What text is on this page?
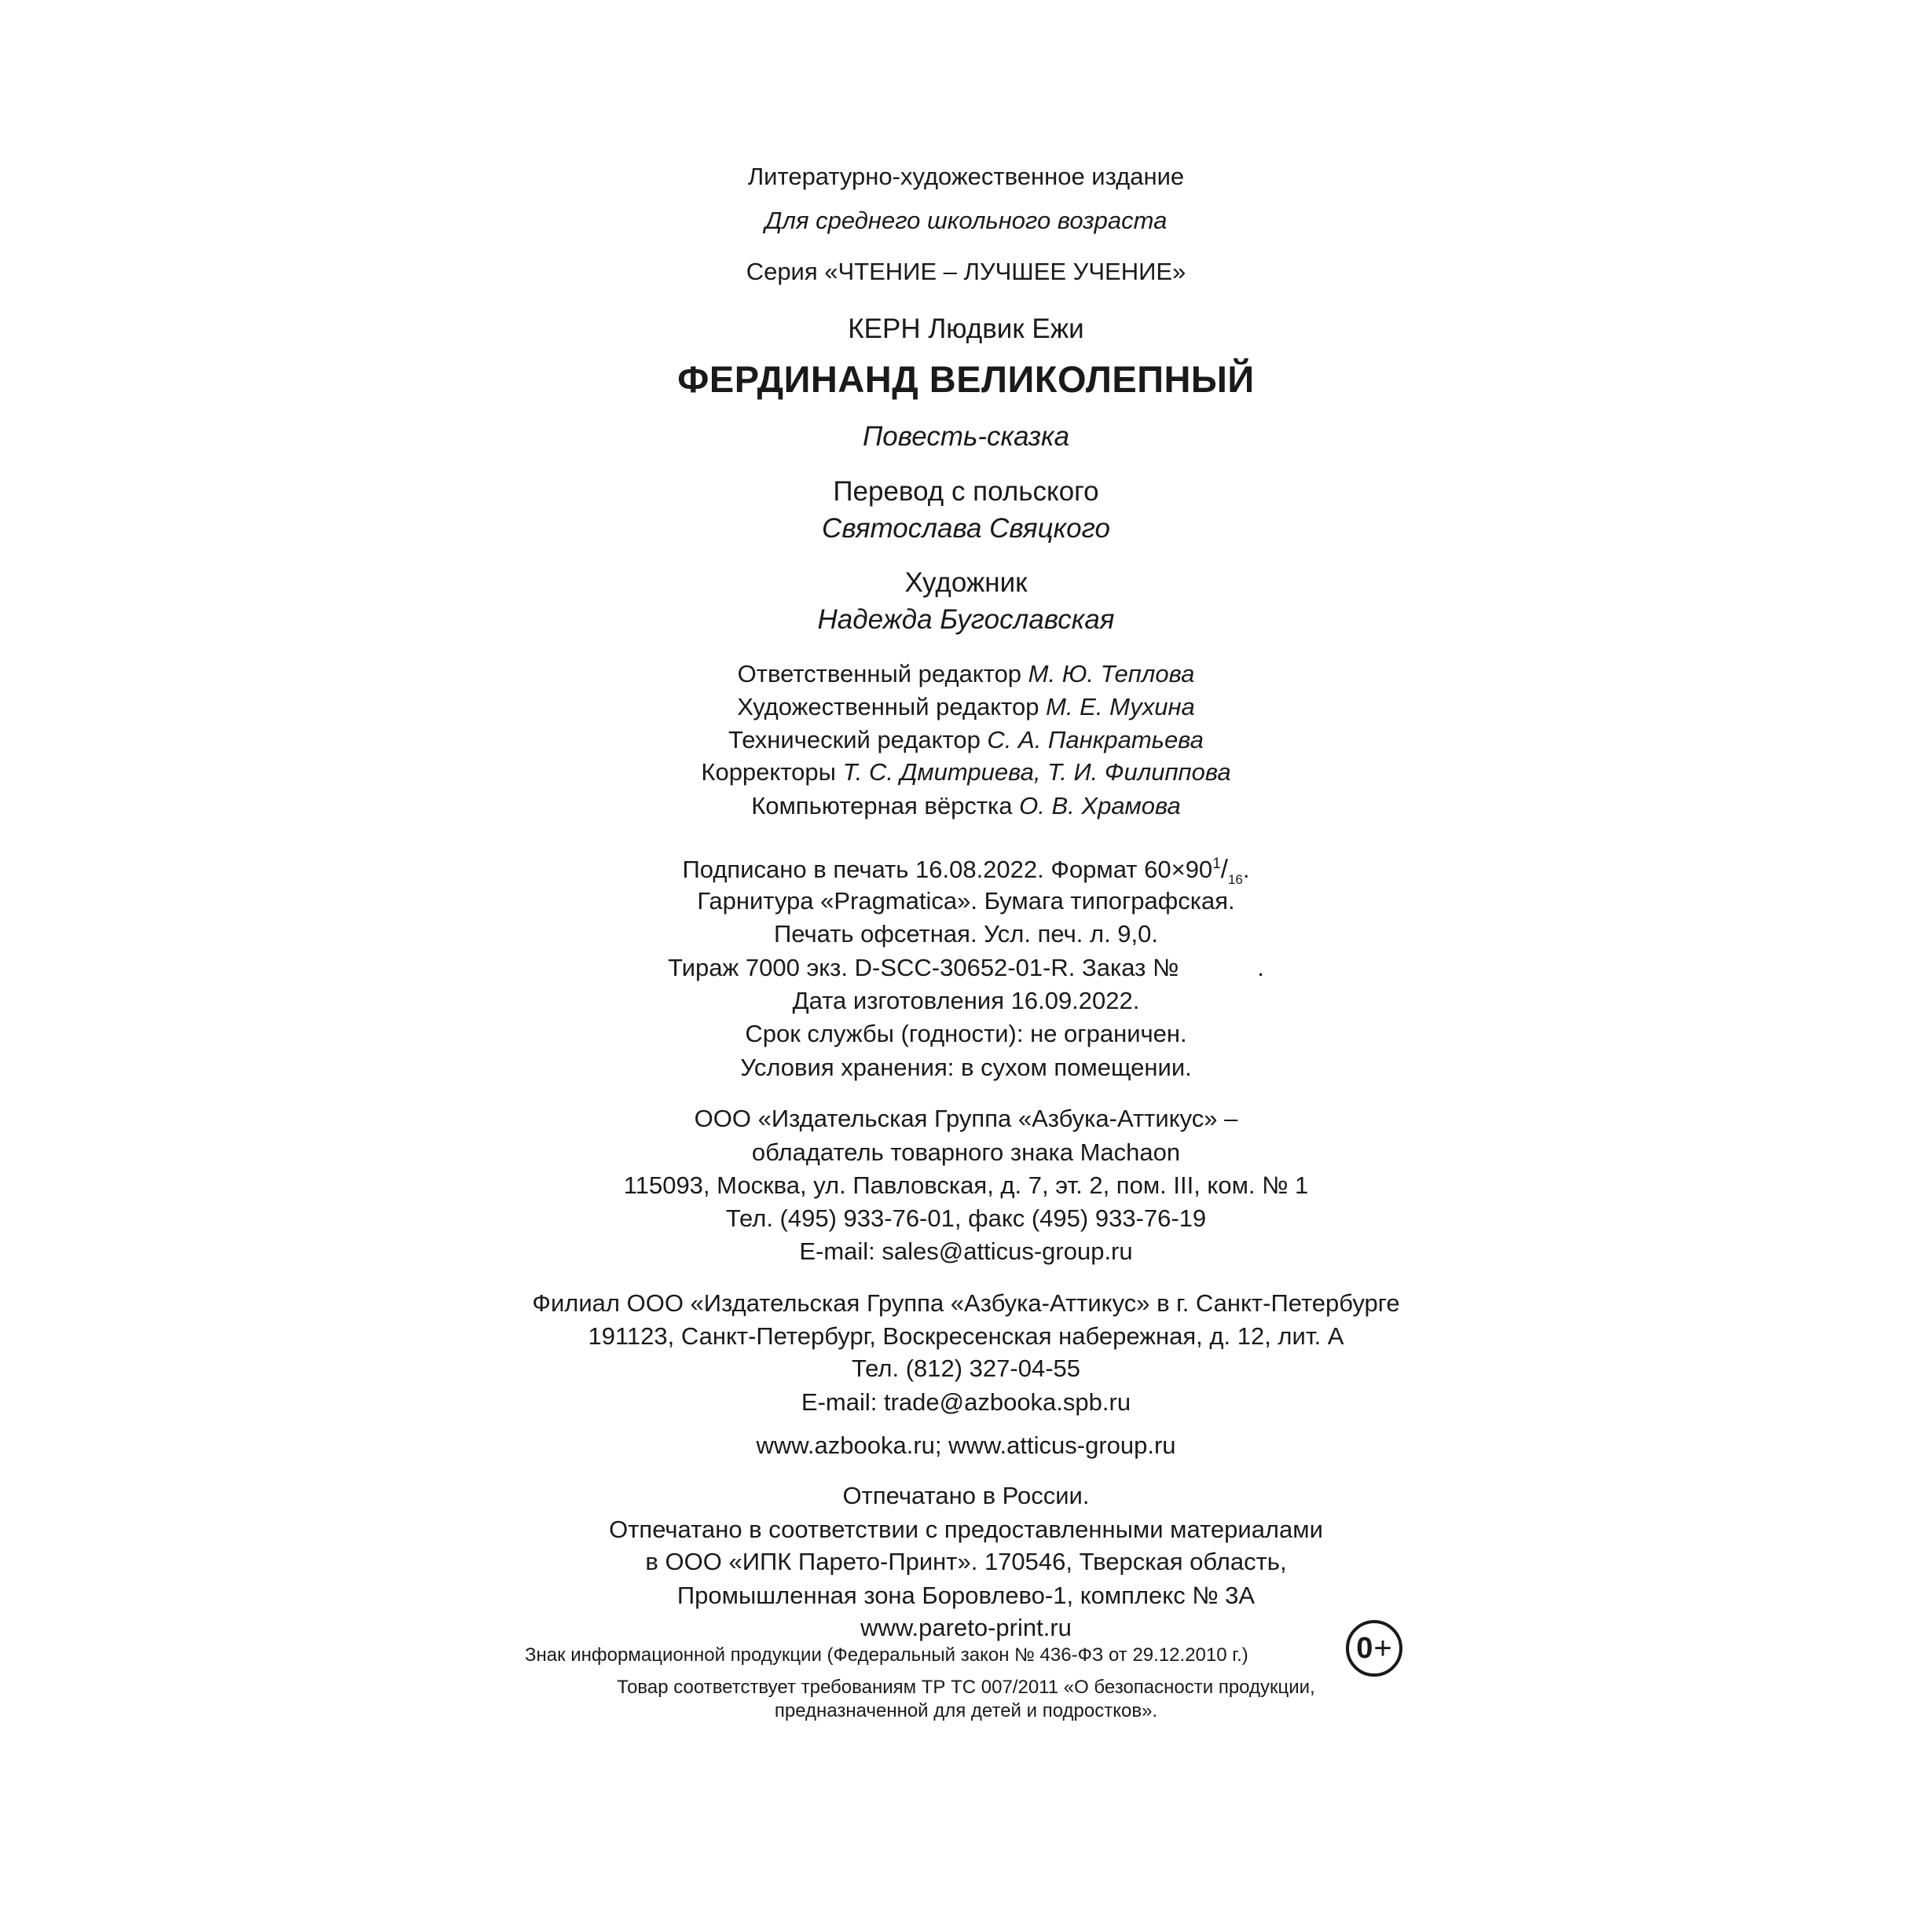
Литературно-художественное издание
Для среднего школьного возраста
Серия «ЧТЕНИЕ – ЛУЧШЕЕ УЧЕНИЕ»
КЕРН Людвик Ежи
ФЕРДИНАНД ВЕЛИКОЛЕПНЫЙ
Повесть-сказка
Перевод с польского
Святослава Свяцкого
Художник
Надежда Бугославская
Ответственный редактор М. Ю. Теплова
Художественный редактор М. Е. Мухина
Технический редактор С. А. Панкратьева
Корректоры Т. С. Дмитриева, Т. И. Филиппова
Компьютерная вёрстка О. В. Храмова
Подписано в печать 16.08.2022. Формат $60\times 90^1/_{16}$.
Гарнитура «Pragmatica». Бумага типографская.
Печать офсетная. Усл. печ. л. 9,0.
Тираж 7000 экз. D-SCC-30652-01-R. Заказ №	.
Дата изготовления 16.09.2022.
Срок службы (годности): не ограничен.
Условия хранения: в сухом помещении.
ООО «Издательская Группа «Азбука-Аттикус» –
обладатель товарного знака Machaon
115093, Москва, ул. Павловская, д. 7, эт. 2, пом. III, ком. № 1
Тел. (495) 933-76-01, факс (495) 933-76-19
E-mail: sales@atticus-group.ru
Филиал ООО «Издательская Группа «Азбука-Аттикус» в г. Санкт-Петербурге
191123, Санкт-Петербург, Воскресенская набережная, д. 12, лит. А
Тел. (812) 327-04-55
E-mail: trade@azbooka.spb.ru
www.azbooka.ru; www.atticus-group.ru
Отпечатано в России.
Отпечатано в соответствии с предоставленными материалами
в ООО «ИПК Парето-Принт». 170546, Тверская область,
Промышленная зона Боровлево-1, комплекс № 3А
www.pareto-print.ru
Знак информационной продукции (Федеральный закон № 436-ФЗ от 29.12.2010 г.)	0 +
Товар соответствует требованиям ТР ТС 007/2011 «О безопасности продукции,
предназначенной для детей и подростков».
